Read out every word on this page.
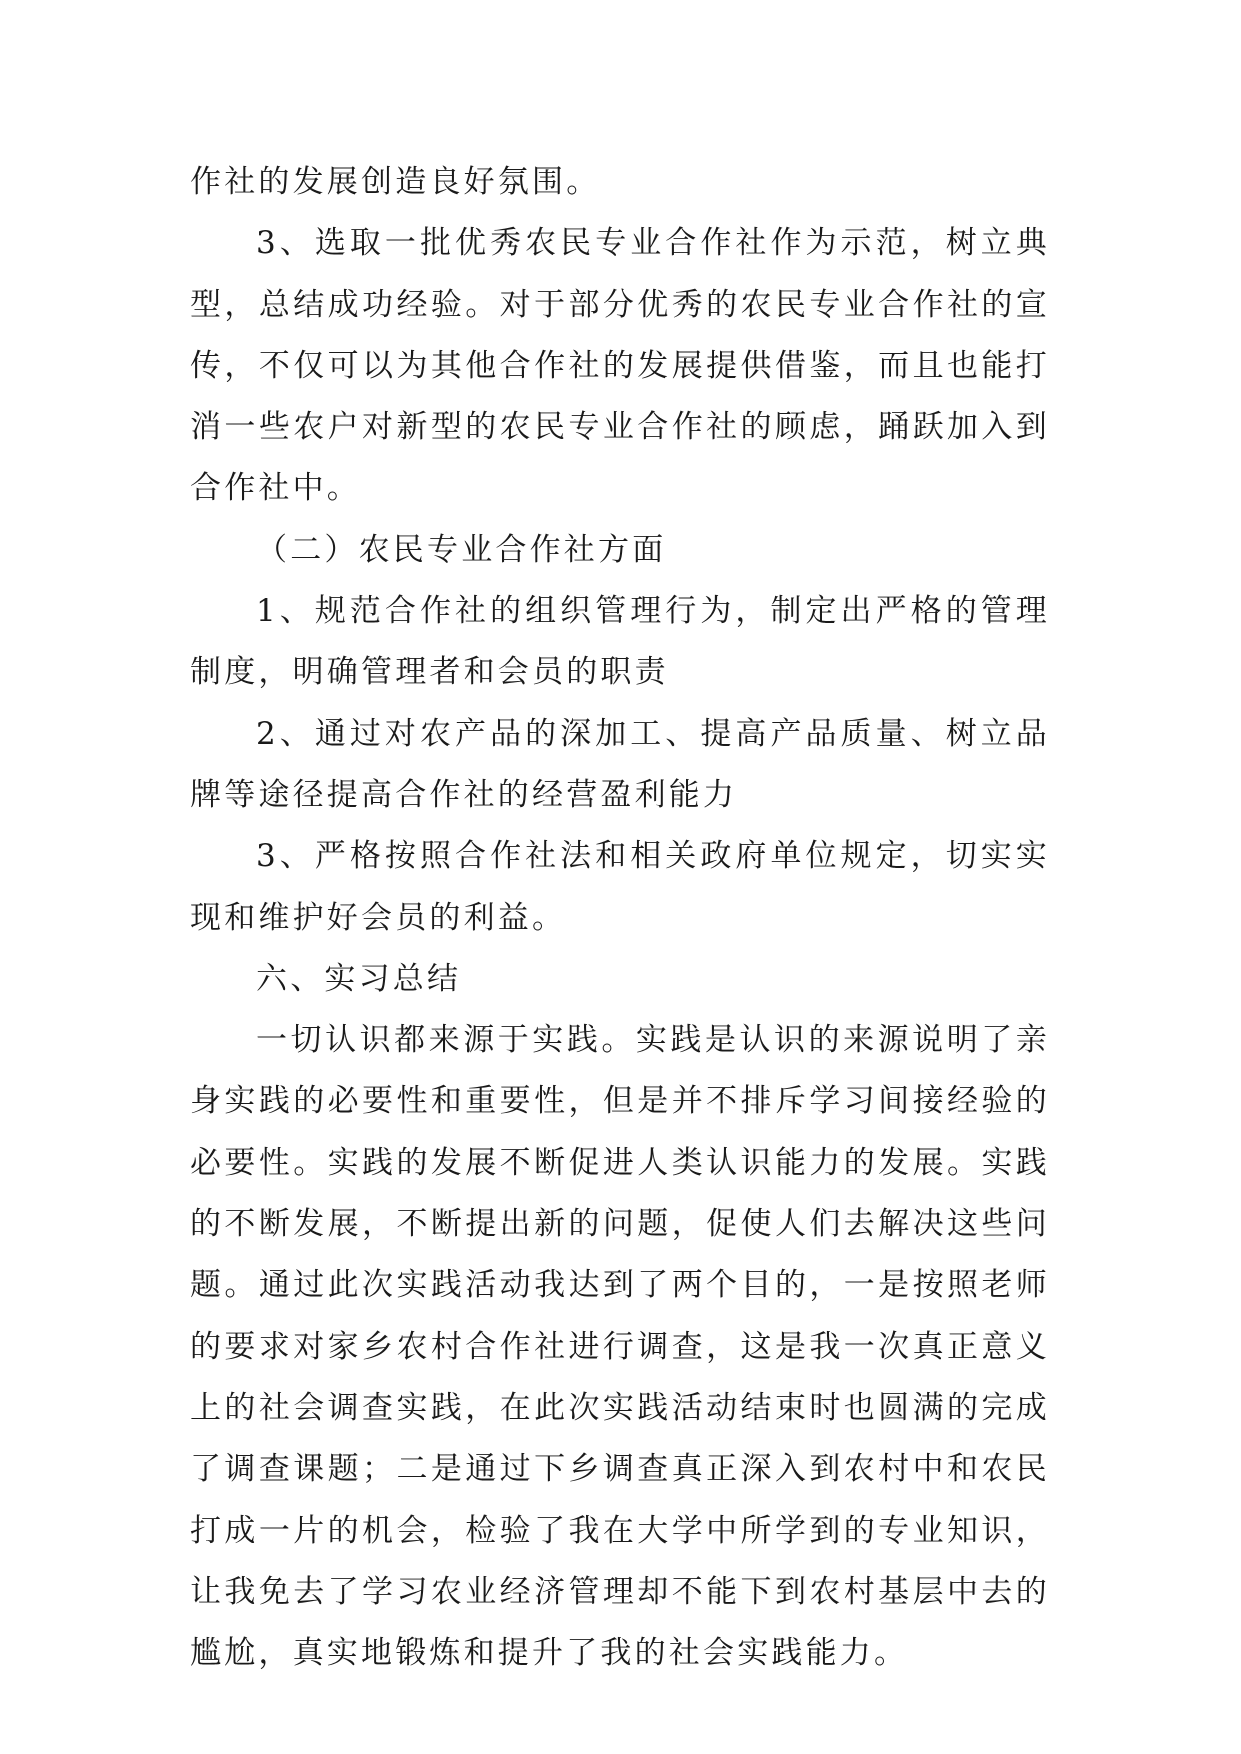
作社的发展创造良好氛围。

3、选取一批优秀农民专业合作社作为示范，树立典型，总结成功经验。对于部分优秀的农民专业合作社的宣传，不仅可以为其他合作社的发展提供借鉴，而且也能打消一些农户对新型的农民专业合作社的顾虑，踊跃加入到合作社中。

（二）农民专业合作社方面

1、规范合作社的组织管理行为，制定出严格的管理制度，明确管理者和会员的职责

2、通过对农产品的深加工、提高产品质量、树立品牌等途径提高合作社的经营盈利能力

3、严格按照合作社法和相关政府单位规定，切实实现和维护好会员的利益。

六、实习总结

一切认识都来源于实践。实践是认识的来源说明了亲身实践的必要性和重要性，但是并不排斥学习间接经验的必要性。实践的发展不断促进人类认识能力的发展。实践的不断发展，不断提出新的问题，促使人们去解决这些问题。通过此次实践活动我达到了两个目的，一是按照老师的要求对家乡农村合作社进行调查，这是我一次真正意义上的社会调查实践，在此次实践活动结束时也圆满的完成了调查课题；二是通过下乡调查真正深入到农村中和农民打成一片的机会，检验了我在大学中所学到的专业知识，让我免去了学习农业经济管理却不能下到农村基层中去的尴尬，真实地锻炼和提升了我的社会实践能力。
